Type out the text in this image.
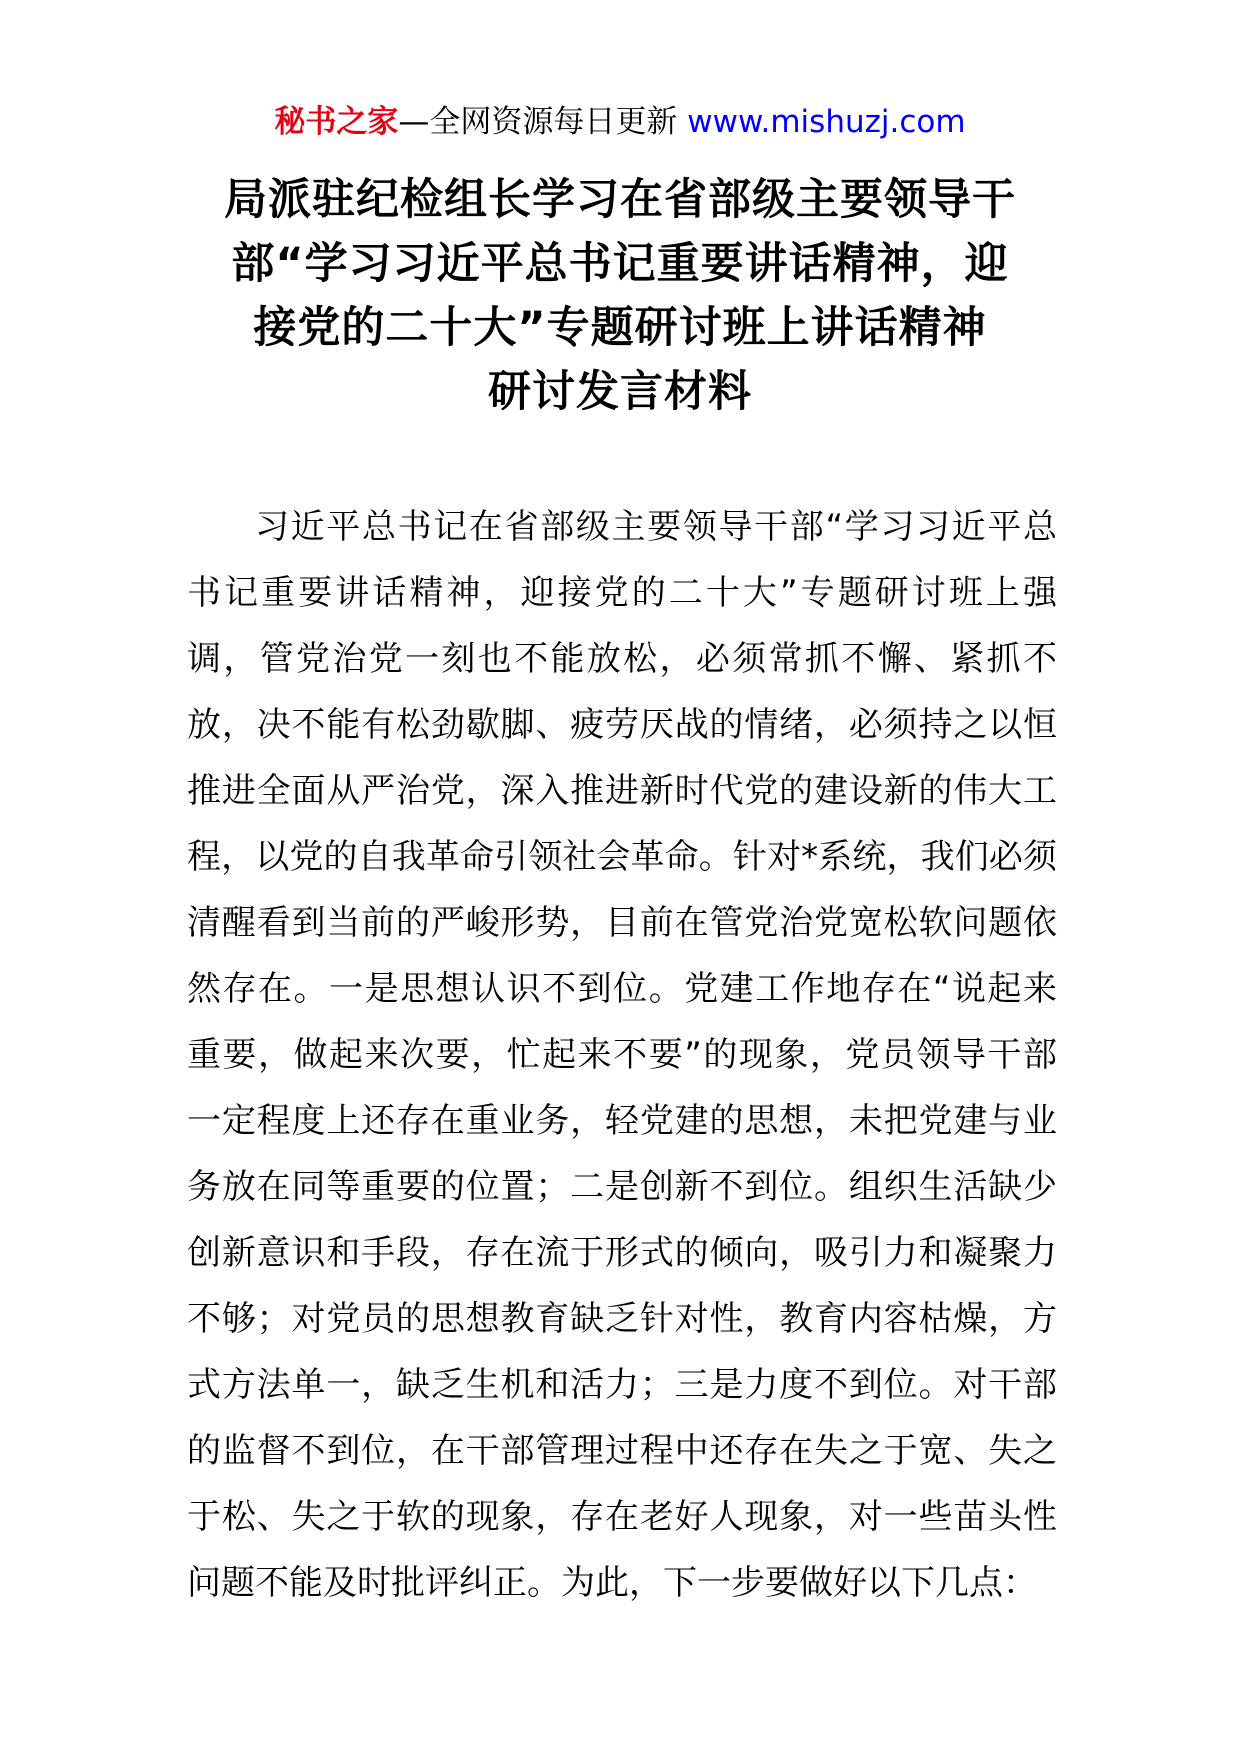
秘书之家—全网资源每日更新 www.mishuzj.com
局派驻纪检组长学习在省部级主要领导干
部“学习习近平总书记重要讲话精神，迎
接党的二十大”专题研讨班上讲话精神
研讨发言材料
习近平总书记在省部级主要领导干部“学习习近平总
书记重要讲话精神，迎接党的二十大”专题研讨班上强
调，管党治党一刻也不能放松，必须常抓不懈、紧抓不
放，决不能有松劲歇脚、疲劳厌战的情绪，必须持之以恒
推进全面从严治党，深入推进新时代党的建设新的伟大工
程，以党的自我革命引领社会革命。针对*系统，我们必须
清醒看到当前的严峻形势，目前在管党治党宽松软问题依
然存在。一是思想认识不到位。党建工作地存在“说起来
重要，做起来次要，忙起来不要”的现象，党员领导干部
一定程度上还存在重业务，轻党建的思想，未把党建与业
务放在同等重要的位置；二是创新不到位。组织生活缺少
创新意识和手段，存在流于形式的倾向，吸引力和凝聚力
不够；对党员的思想教育缺乏针对性，教育内容枯燥，方
式方法单一，缺乏生机和活力；三是力度不到位。对干部
的监督不到位，在干部管理过程中还存在失之于宽、失之
于松、失之于软的现象，存在老好人现象，对一些苗头性
问题不能及时批评纠正。为此，下一步要做好以下几点：
